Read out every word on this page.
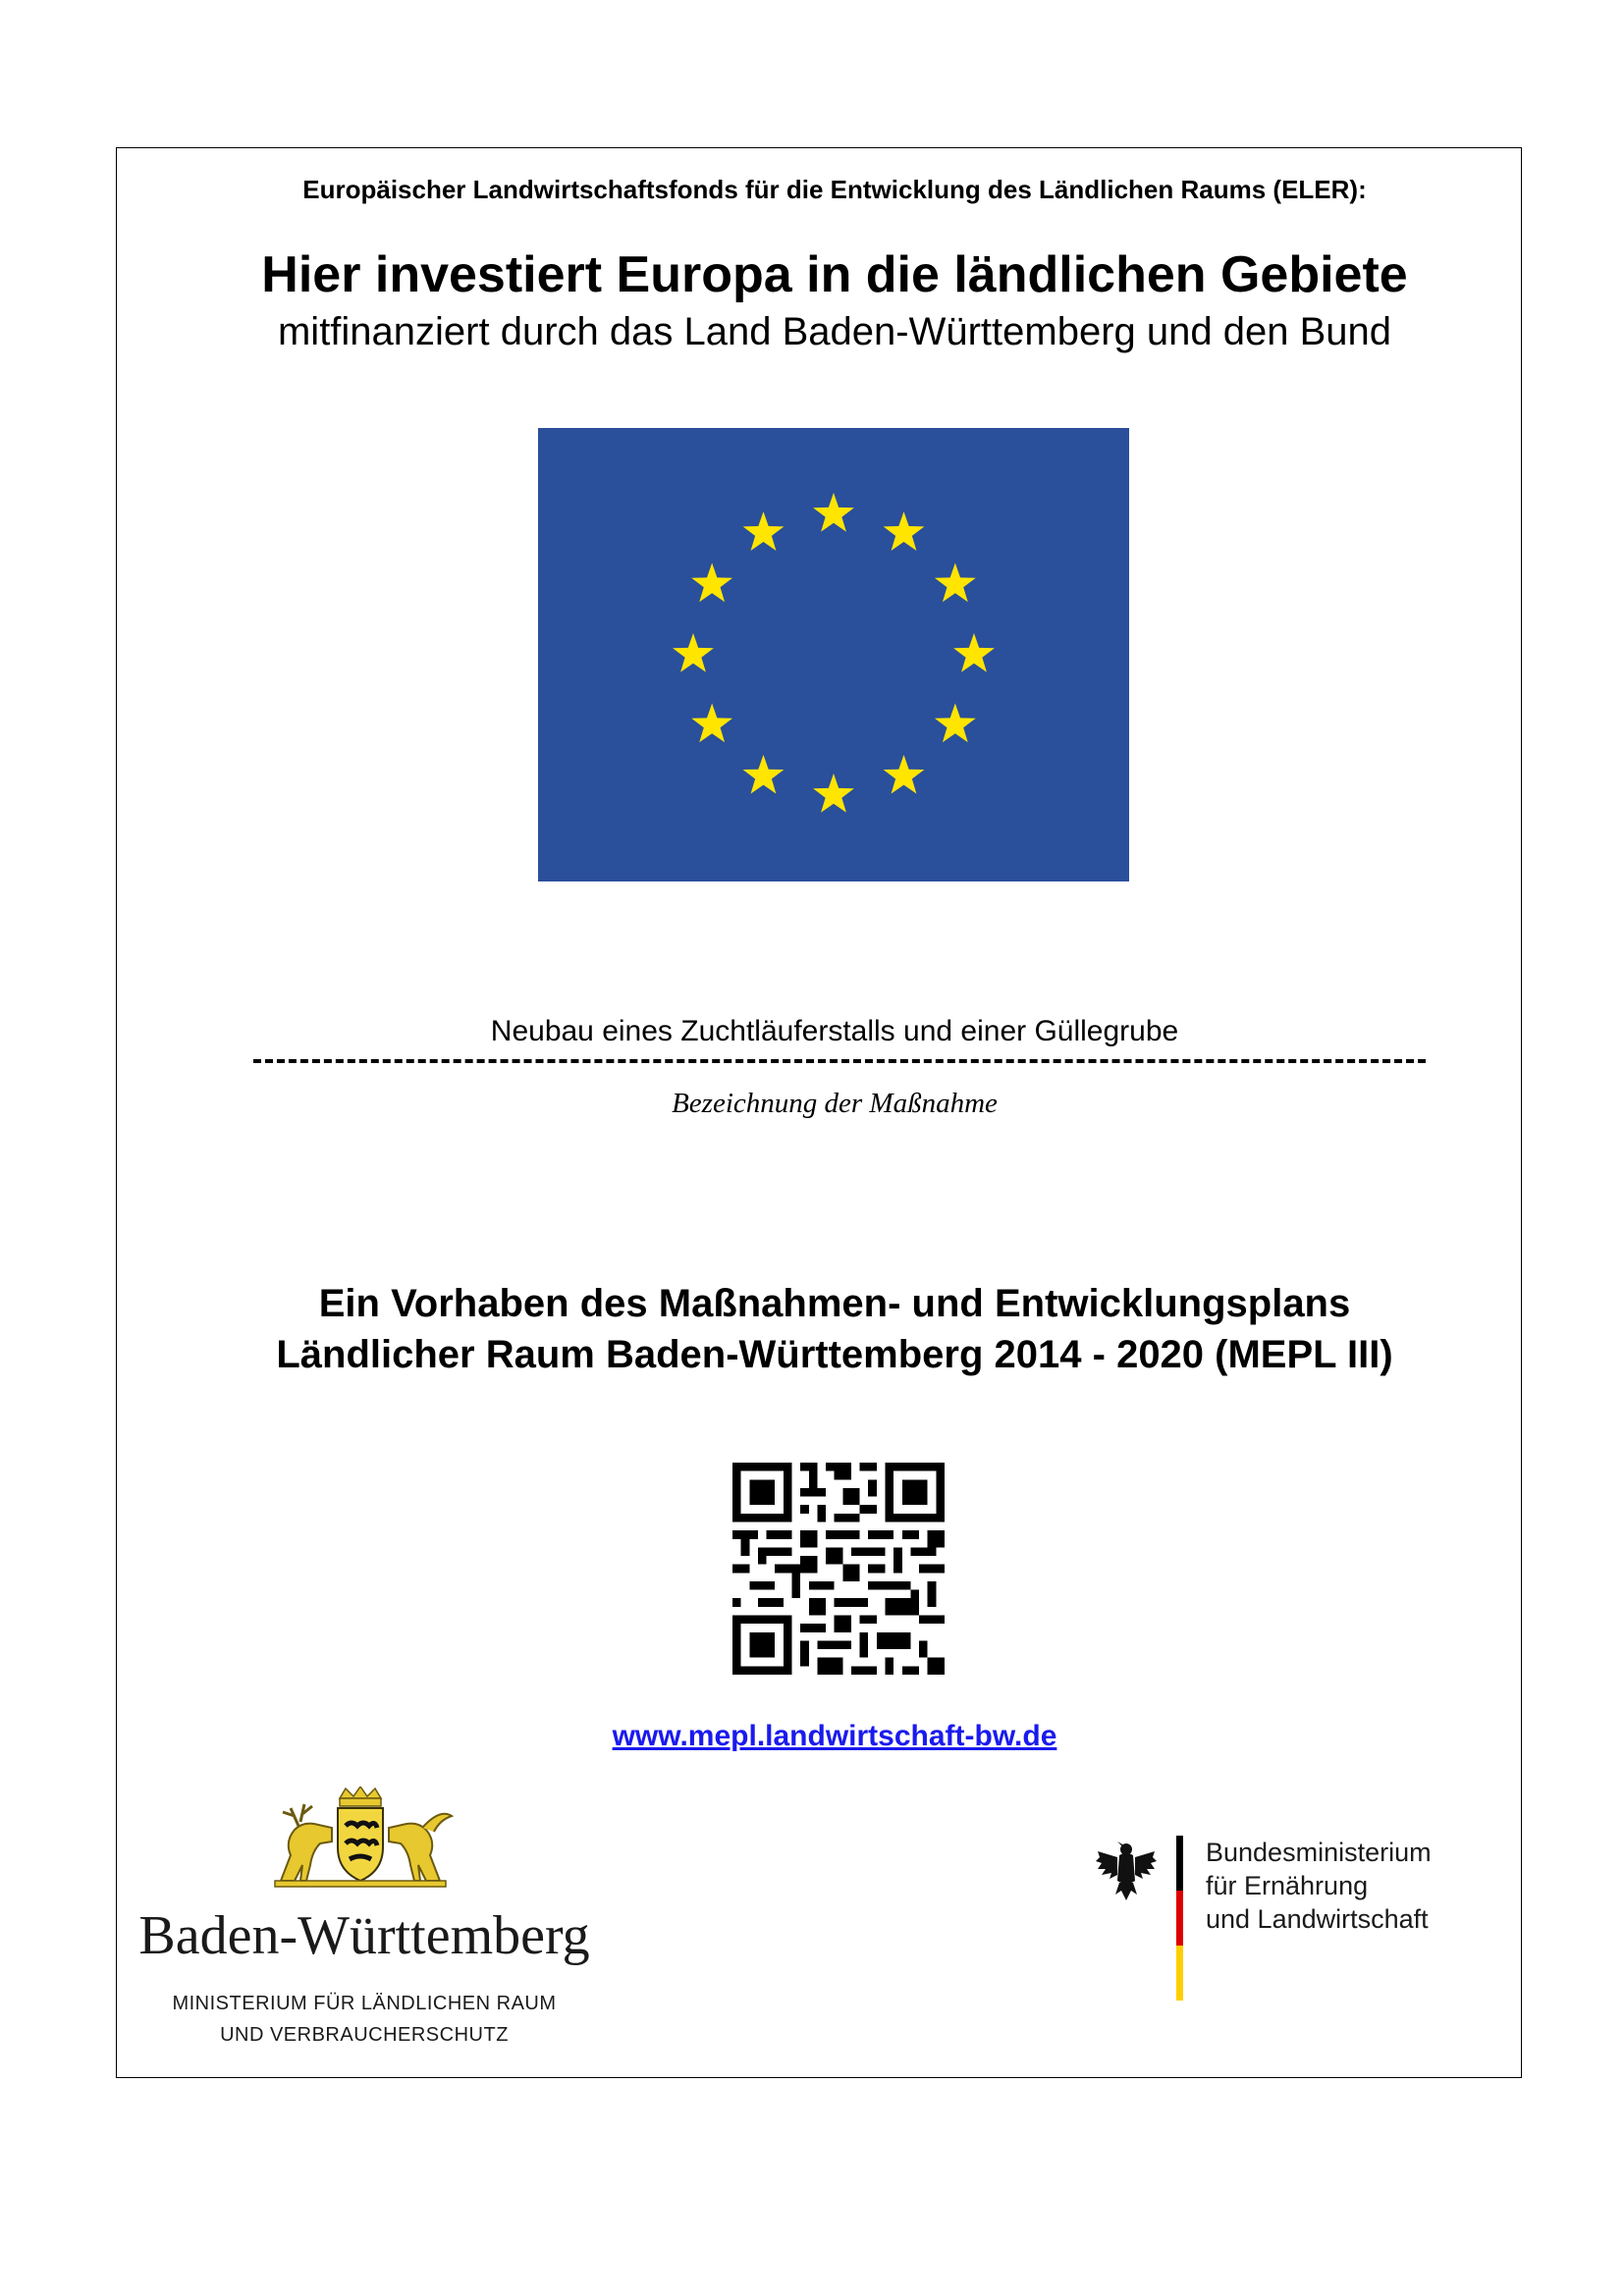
Europäischer Landwirtschaftsfonds für die Entwicklung des Ländlichen Raums (ELER):
Hier investiert Europa in die ländlichen Gebiete
mitfinanziert durch das Land Baden-Württemberg und den Bund
Neubau eines Zuchtläuferstalls und einer Güllegrube
Bezeichnung der Maßnahme
Ein Vorhaben des Maßnahmen- und Entwicklungsplans
Ländlicher Raum Baden-Württemberg 2014 - 2020 (MEPL III)
www.mepl.landwirtschaft-bw.de
Baden-Württemberg
MINISTERIUM FÜR LÄNDLICHEN RAUM
UND VERBRAUCHERSCHUTZ
Bundesministerium
für Ernährung
und Landwirtschaft
